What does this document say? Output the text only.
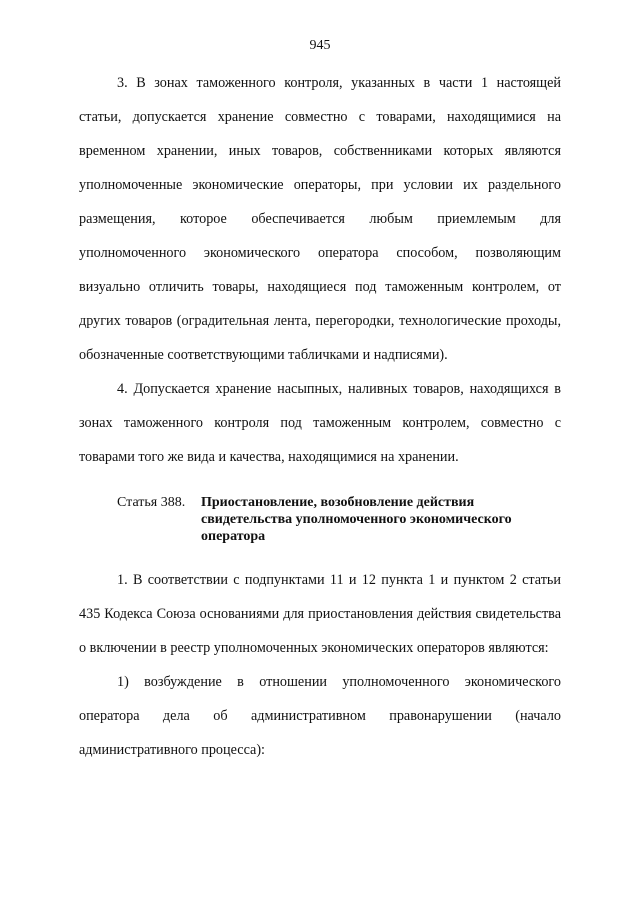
945

3. В зонах таможенного контроля, указанных в части 1 настоящей статьи, допускается хранение совместно с товарами, находящимися на временном хранении, иных товаров, собственниками которых являются уполномоченные экономические операторы, при условии их раздельного размещения, которое обеспечивается любым приемлемым для уполномоченного экономического оператора способом, позволяющим визуально отличить товары, находящиеся под таможенным контролем, от других товаров (оградительная лента, перегородки, технологические проходы, обозначенные соответствующими табличками и надписями).

4. Допускается хранение насыпных, наливных товаров, находящихся в зонах таможенного контроля под таможенным контролем, совместно с товарами того же вида и качества, находящимися на хранении.

Статья 388.	Приостановление, возобновление действия свидетельства уполномоченного экономического оператора

1. В соответствии с подпунктами 11 и 12 пункта 1 и пунктом 2 статьи 435 Кодекса Союза основаниями для приостановления действия свидетельства о включении в реестр уполномоченных экономических операторов являются:

1) возбуждение в отношении уполномоченного экономического оператора дела об административном правонарушении (начало административного процесса):
